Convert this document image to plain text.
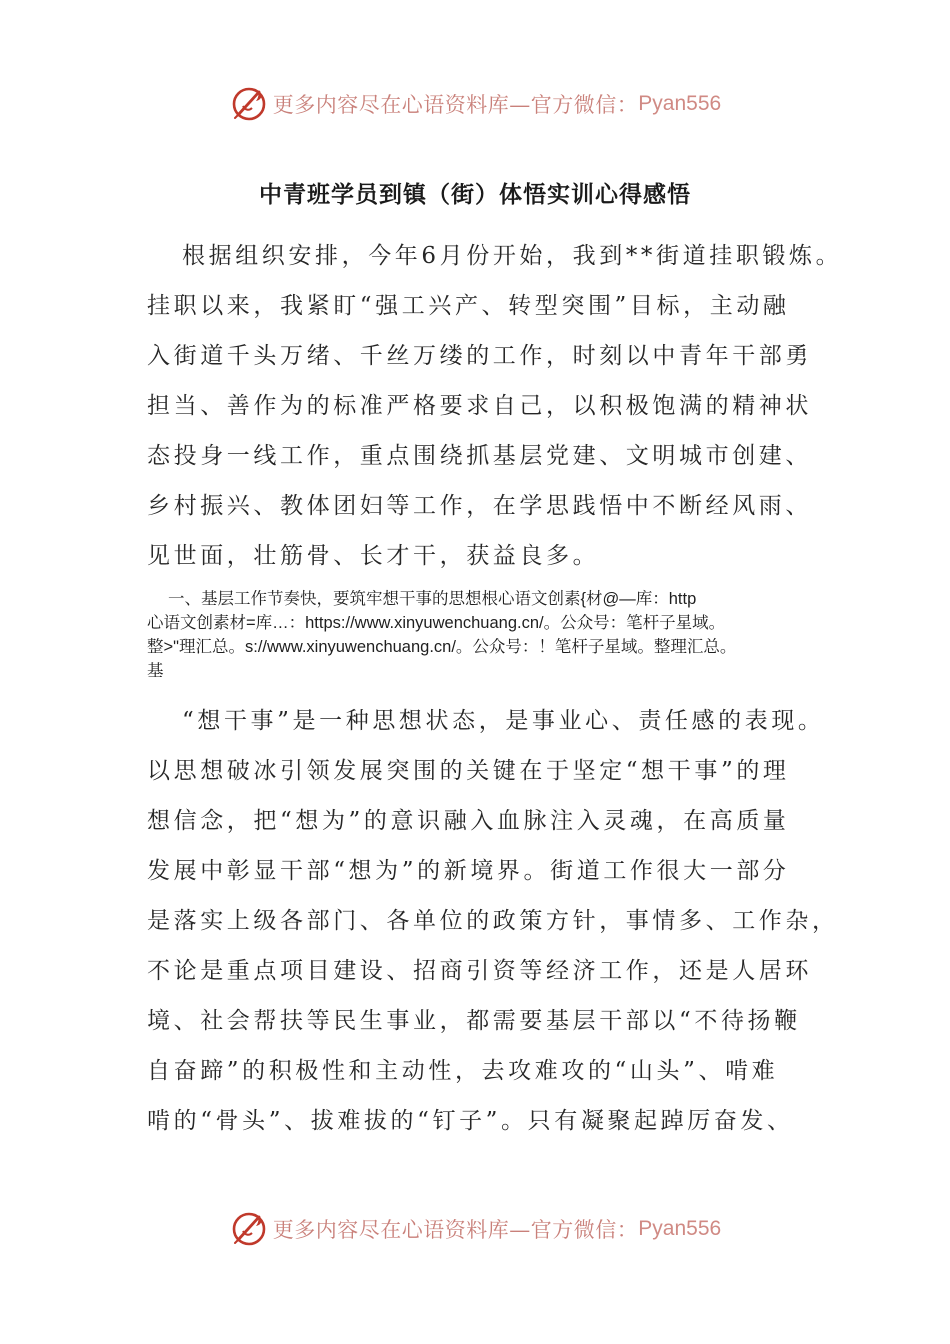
更多内容尽在心语资料库—官方微信： Pyan556
中青班学员到镇（街）体悟实训心得感悟
根据组织安排，今年6月份开始，我到**街道挂职锻炼。
挂职以来，我紧盯“强工兴产、转型突围”目标，主动融
入街道千头万绪、千丝万缕的工作，时刻以中青年干部勇
担当、善作为的标准严格要求自己，以积极饱满的精神状
态投身一线工作，重点围绕抓基层党建、文明城市创建、
乡村振兴、教体团妇等工作，在学思践悟中不断经风雨、
见世面，壮筋骨、长才干，获益良多。
一、基层工作节奏快，要筑牢想干事的思想根心语文创素{材@—库：http
心语文创素材=库…：https://www.xinyuwenchuang.cn/。公众号：笔杆子星域。
整>"理汇总。s://www.xinyuwenchuang.cn/。公众号：！笔杆子星域。整理汇总。
基
“想干事”是一种思想状态，是事业心、责任感的表现。
以思想破冰引领发展突围的关键在于坚定“想干事”的理
想信念，把“想为”的意识融入血脉注入灵魂，在高质量
发展中彰显干部“想为”的新境界。街道工作很大一部分
是落实上级各部门、各单位的政策方针，事情多、工作杂，
不论是重点项目建设、招商引资等经济工作，还是人居环
境、社会帮扶等民生事业，都需要基层干部以“不待扬鞭
自奋蹄”的积极性和主动性，去攻难攻的“山头”、啃难
啃的“骨头”、拔难拔的“钉子”。只有凝聚起踔厉奋发、
更多内容尽在心语资料库—官方微信： Pyan556
